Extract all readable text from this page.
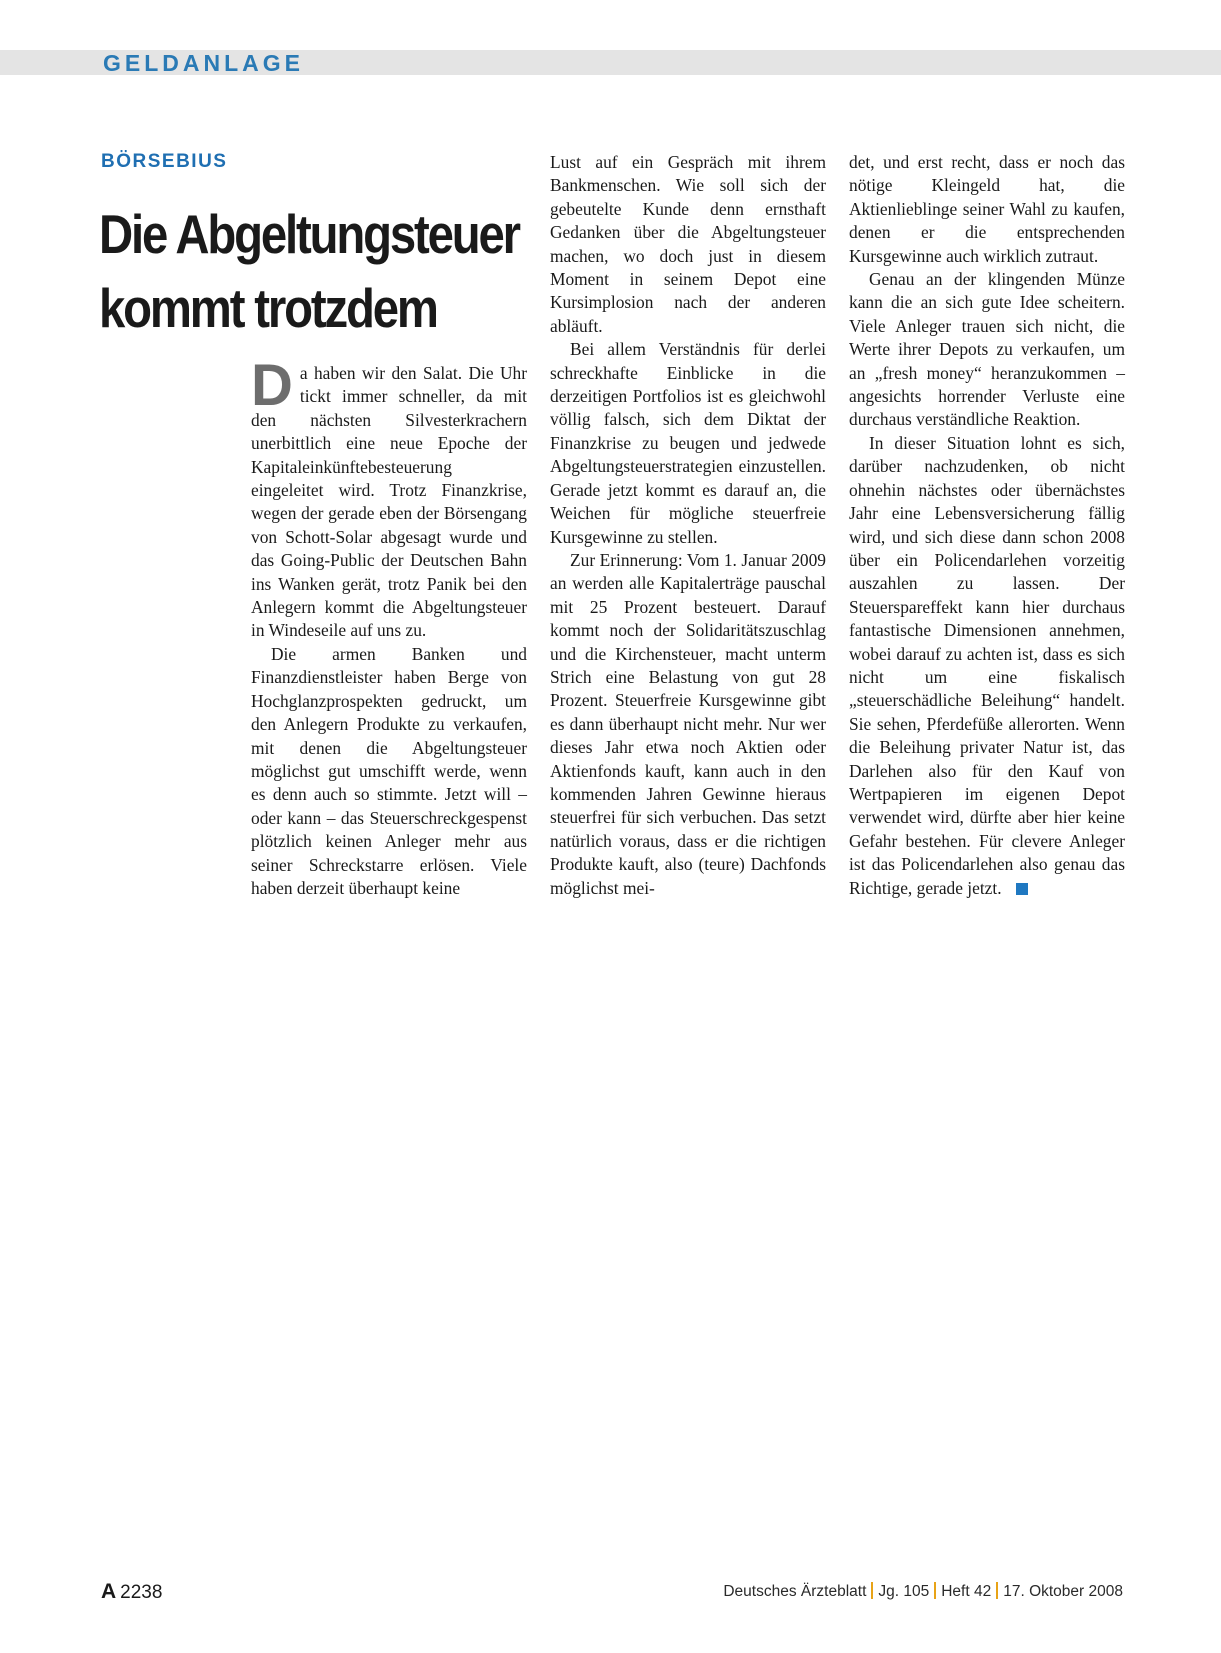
GELDANLAGE
BÖRSEBIUS
Die Abgeltungsteuer
kommt trotzdem

Da haben wir den Salat. Die Uhr tickt immer schneller, da mit den nächsten Silvesterkrachern unerbittlich eine neue Epoche der Kapitaleinkünftebesteuerung eingeleitet wird. Trotz Finanzkrise, wegen der gerade eben der Börsengang von Schott-Solar abgesagt wurde und das Going-Public der Deutschen Bahn ins Wanken gerät, trotz Panik bei den Anlegern kommt die Abgeltungsteuer in Windeseile auf uns zu.

Die armen Banken und Finanzdienstleister haben Berge von Hochglanzprospekten gedruckt, um den Anlegern Produkte zu verkaufen, mit denen die Abgeltungsteuer möglichst gut umschifft werde, wenn es denn auch so stimmte. Jetzt will – oder kann – das Steuerschreckgespenst plötzlich keinen Anleger mehr aus seiner Schreckstarre erlösen. Viele haben derzeit überhaupt keine

Lust auf ein Gespräch mit ihrem Bankmenschen. Wie soll sich der gebeutelte Kunde denn ernsthaft Gedanken über die Abgeltungsteuer machen, wo doch just in diesem Moment in seinem Depot eine Kursimplosion nach der anderen abläuft.

Bei allem Verständnis für derlei schreckhafte Einblicke in die derzeitigen Portfolios ist es gleichwohl völlig falsch, sich dem Diktat der Finanzkrise zu beugen und jedwede Abgeltungsteuerstrategien einzustellen. Gerade jetzt kommt es darauf an, die Weichen für mögliche steuerfreie Kursgewinne zu stellen.

Zur Erinnerung: Vom 1. Januar 2009 an werden alle Kapitalerträge pauschal mit 25 Prozent besteuert. Darauf kommt noch der Solidaritätszuschlag und die Kirchensteuer, macht unterm Strich eine Belastung von gut 28 Prozent. Steuerfreie Kursgewinne gibt es dann überhaupt nicht mehr. Nur wer dieses Jahr etwa noch Aktien oder Aktienfonds kauft, kann auch in den kommenden Jahren Gewinne hieraus steuerfrei für sich verbuchen. Das setzt natürlich voraus, dass er die richtigen Produkte kauft, also (teure) Dachfonds möglichst mei-

det, und erst recht, dass er noch das nötige Kleingeld hat, die Aktienlieblinge seiner Wahl zu kaufen, denen er die entsprechenden Kursgewinne auch wirklich zutraut.

Genau an der klingenden Münze kann die an sich gute Idee scheitern. Viele Anleger trauen sich nicht, die Werte ihrer Depots zu verkaufen, um an „fresh money“ heranzukommen – angesichts horrender Verluste eine durchaus verständliche Reaktion.

In dieser Situation lohnt es sich, darüber nachzudenken, ob nicht ohnehin nächstes oder übernächstes Jahr eine Lebensversicherung fällig wird, und sich diese dann schon 2008 über ein Policendarlehen vorzeitig auszahlen zu lassen. Der Steuerspareffekt kann hier durchaus fantastische Dimensionen annehmen, wobei darauf zu achten ist, dass es sich nicht um eine fiskalisch „steuerschädliche Beleihung“ handelt. Sie sehen, Pferdefüße allerorten. Wenn die Beleihung privater Natur ist, das Darlehen also für den Kauf von Wertpapieren im eigenen Depot verwendet wird, dürfte aber hier keine Gefahr bestehen. Für clevere Anleger ist das Policendarlehen also genau das Richtige, gerade jetzt.

A 2238	Deutsches Ärzteblatt Jg. 105 Heft 42 17. Oktober 2008
